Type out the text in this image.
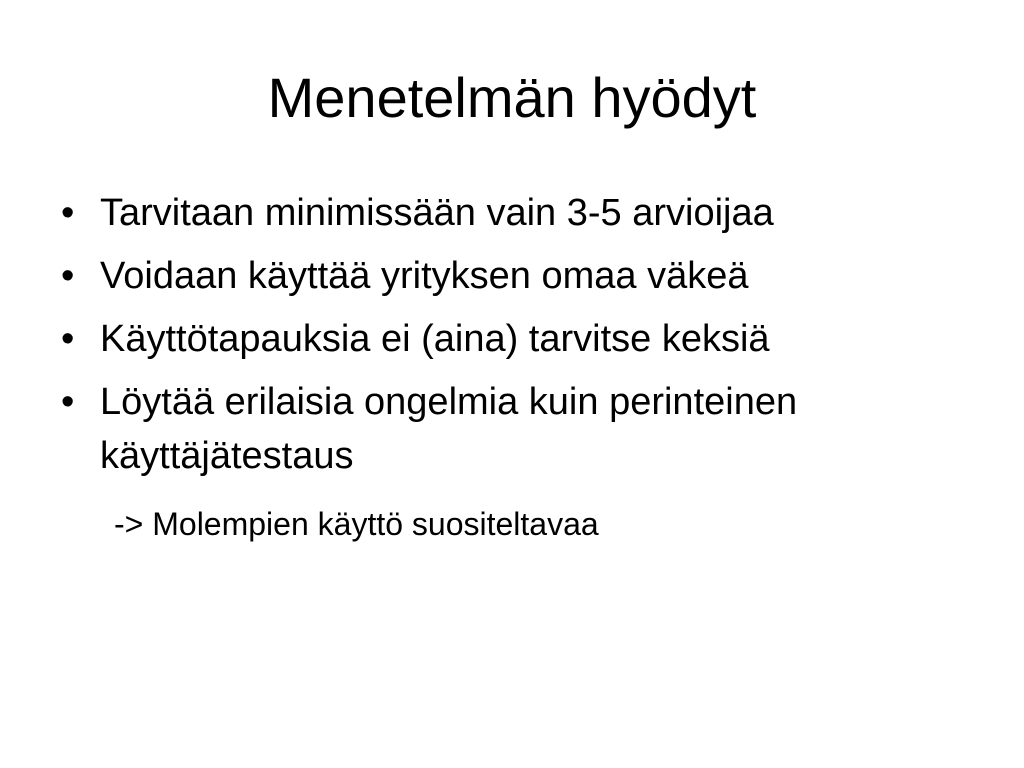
Menetelmän hyödyt
• Tarvitaan minimissään vain 3-5 arvioijaa
• Voidaan käyttää yrityksen omaa väkeä
• Käyttötapauksia ei (aina) tarvitse keksiä
• Löytää erilaisia ongelmia kuin perinteinen käyttäjätestaus
-> Molempien käyttö suositeltavaa
